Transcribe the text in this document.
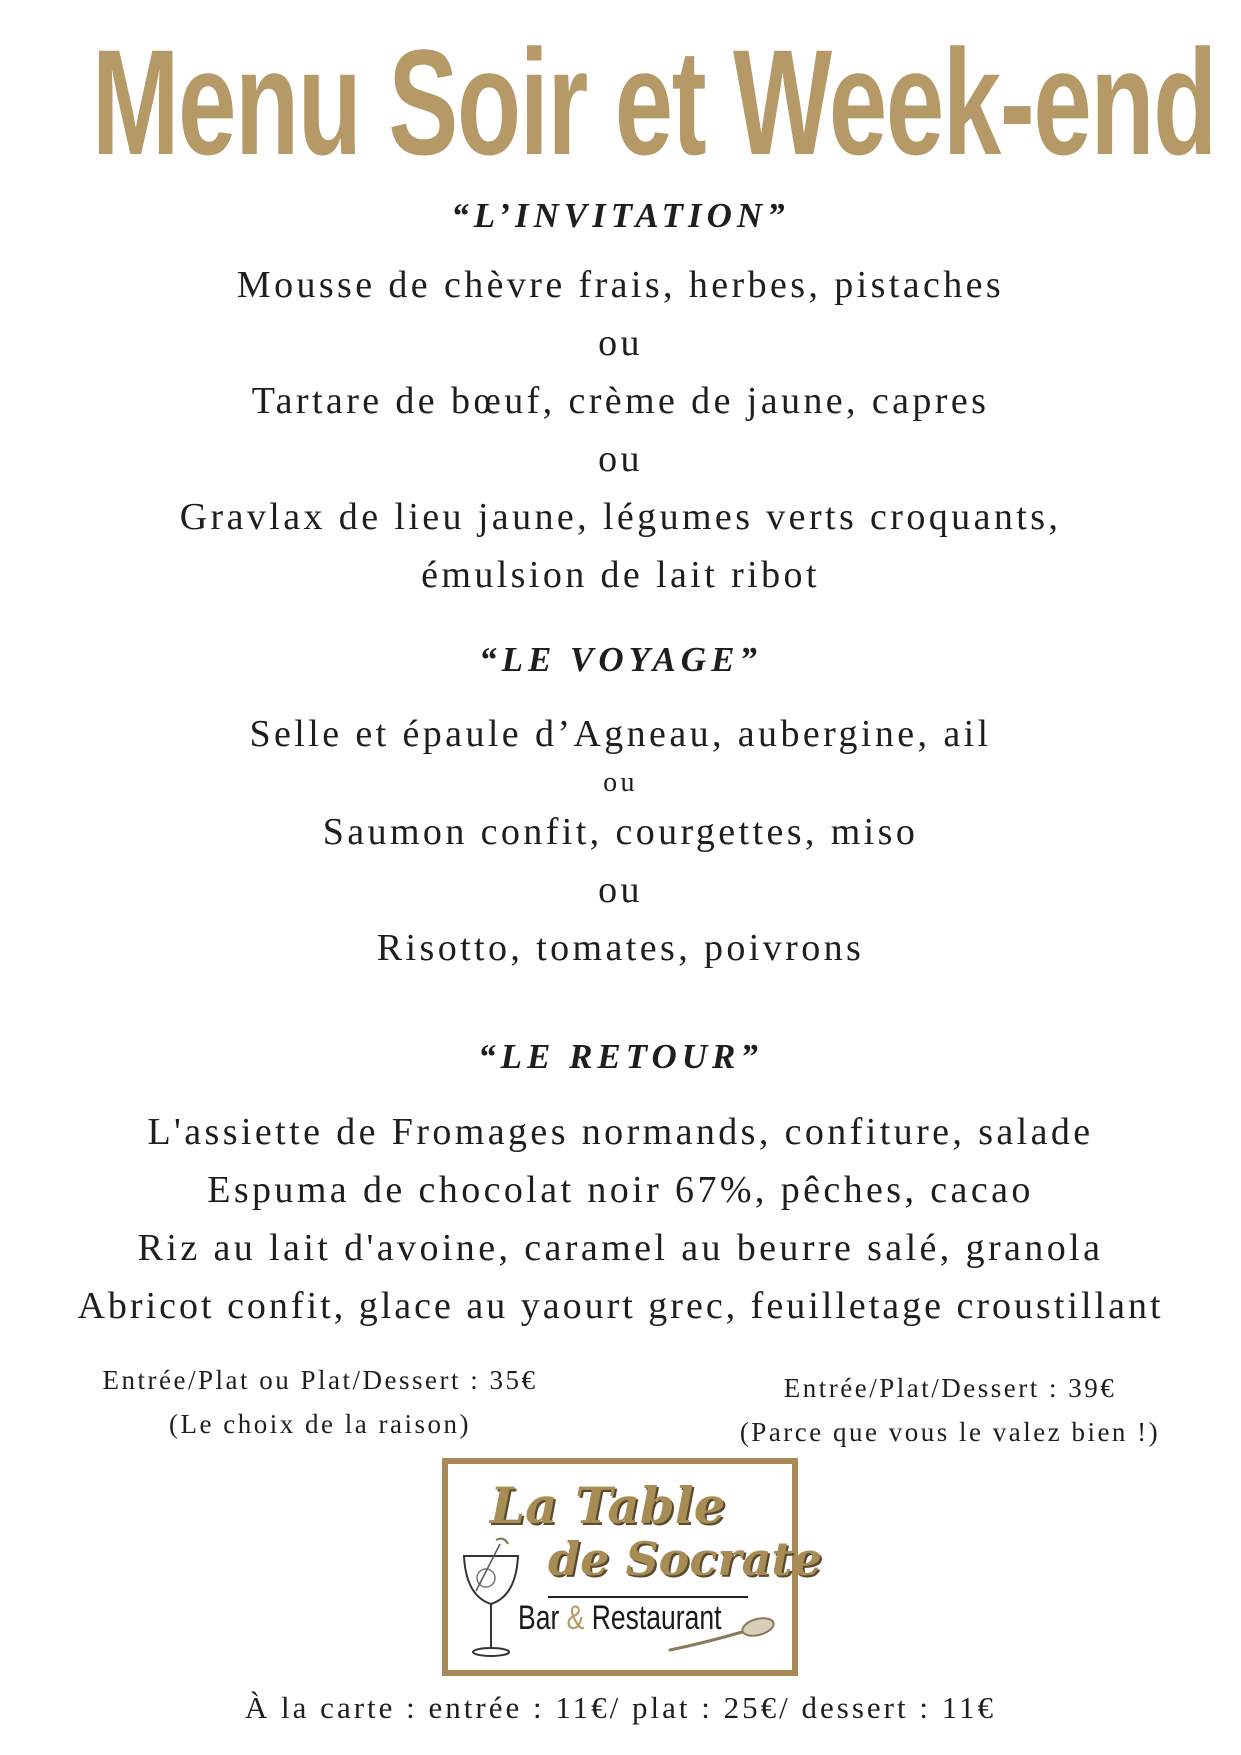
Menu Soir et Week-end
“L’INVITATION”
Mousse de chèvre frais, herbes, pistaches
ou
Tartare de bœuf, crème de jaune, capres
ou
Gravlax de lieu jaune, légumes verts croquants,
émulsion de lait ribot
“LE VOYAGE”
Selle et épaule d’Agneau, aubergine, ail
ou
Saumon confit, courgettes, miso
ou
Risotto, tomates, poivrons
“LE RETOUR”
L'assiette de Fromages normands, confiture, salade
Espuma de chocolat noir 67%, pêches, cacao
Riz au lait d'avoine, caramel au beurre salé, granola
Abricot confit, glace au yaourt grec, feuilletage croustillant
Entrée/Plat ou Plat/Dessert : 35€
(Le choix de la raison)
Entrée/Plat/Dessert : 39€
(Parce que vous le valez bien !)
La Table
de Socrate
Bar & Restaurant
À la carte : entrée : 11€/ plat : 25€/ dessert : 11€
